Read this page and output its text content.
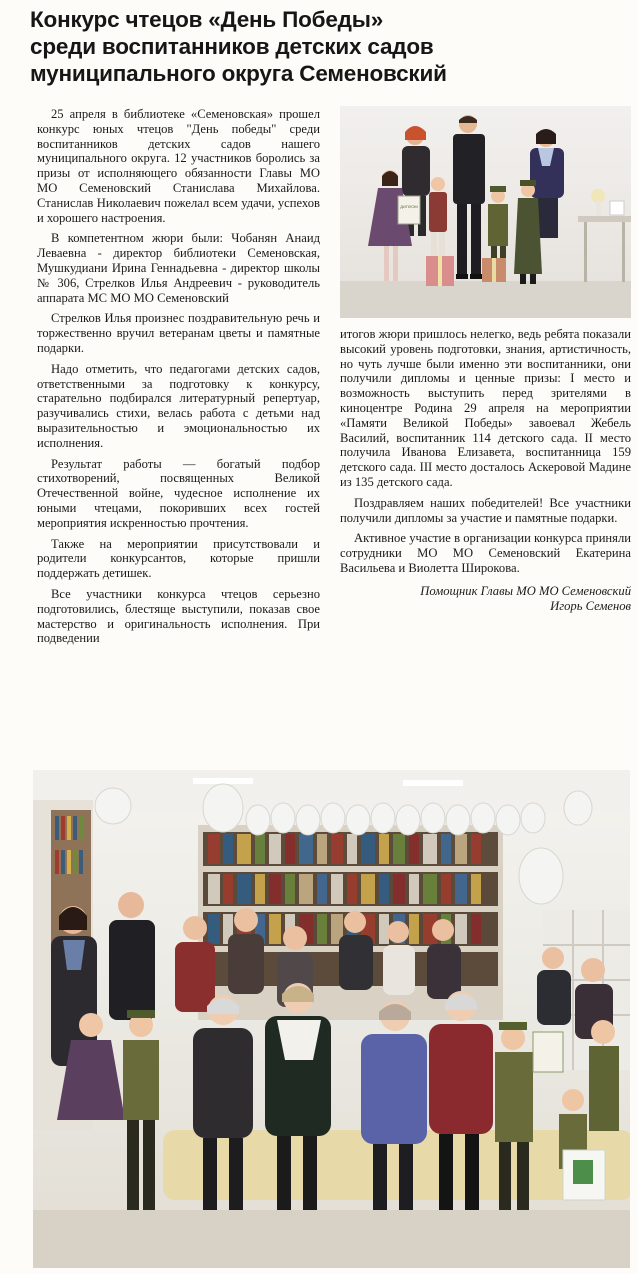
Конкурс чтецов «День Победы»
среди воспитанников детских садов
муниципального округа Семеновский

25 апреля в библиотеке «Семеновская» прошел конкурс юных чтецов "День победы" среди воспитанников детских садов нашего муниципального округа. 12 участников боролись за призы от исполняющего обязанности Главы МО МО Семеновский Станислава Михайлова. Станислав Николаевич пожелал всем удачи, успехов и хорошего настроения.

В компетентном жюри были: Чобанян Анаид Леваевна - директор библиотеки Семеновская, Мушкудиани Ирина Геннадьевна - директор школы № 306, Стрелков Илья Андреевич - руководитель аппарата МС МО МО Семеновский

Стрелков Илья произнес поздравительную речь и торжественно вручил ветеранам цветы и памятные подарки.

Надо отметить, что педагогами детских садов, ответственными за подготовку к конкурсу, старательно подбирался литературный репертуар, разучивались стихи, велась работа с детьми над выразительностью и эмоциональностью их исполнения.

Результат работы — богатый подбор стихотворений, посвященных Великой Отечественной войне, чудесное исполнение их юными чтецами, покоривших всех гостей мероприятия искренностью прочтения.

Также на мероприятии присутствовали и родители конкурсантов, которые пришли поддержать детишек.

Все участники конкурса чтецов серьезно подготовились, блестяще выступили, показав свое мастерство и оригинальность исполнения. При подведении

ДИПЛОМ

итогов жюри пришлось нелегко, ведь ребята показали высокий уровень подготовки, знания, артистичность, но чуть лучше были именно эти воспитанники, они получили дипломы и ценные призы: I место и возможность выступить перед зрителями в киноцентре Родина 29 апреля на мероприятии «Памяти Великой Победы» завоевал Жебель Василий, воспитанник 114 детского сада. II место получила Иванова Елизавета, воспитанница 159 детского сада. III место досталось Аскеровой Мадине из 135 детского сада.

Поздравляем наших победителей! Все участники получили дипломы за участие и памятные подарки.

Активное участие в организации конкурса приняли сотрудники МО МО Семеновский Екатерина Васильева и Виолетта Широкова.

Помощник Главы МО МО Семеновский
Игорь Семенов
